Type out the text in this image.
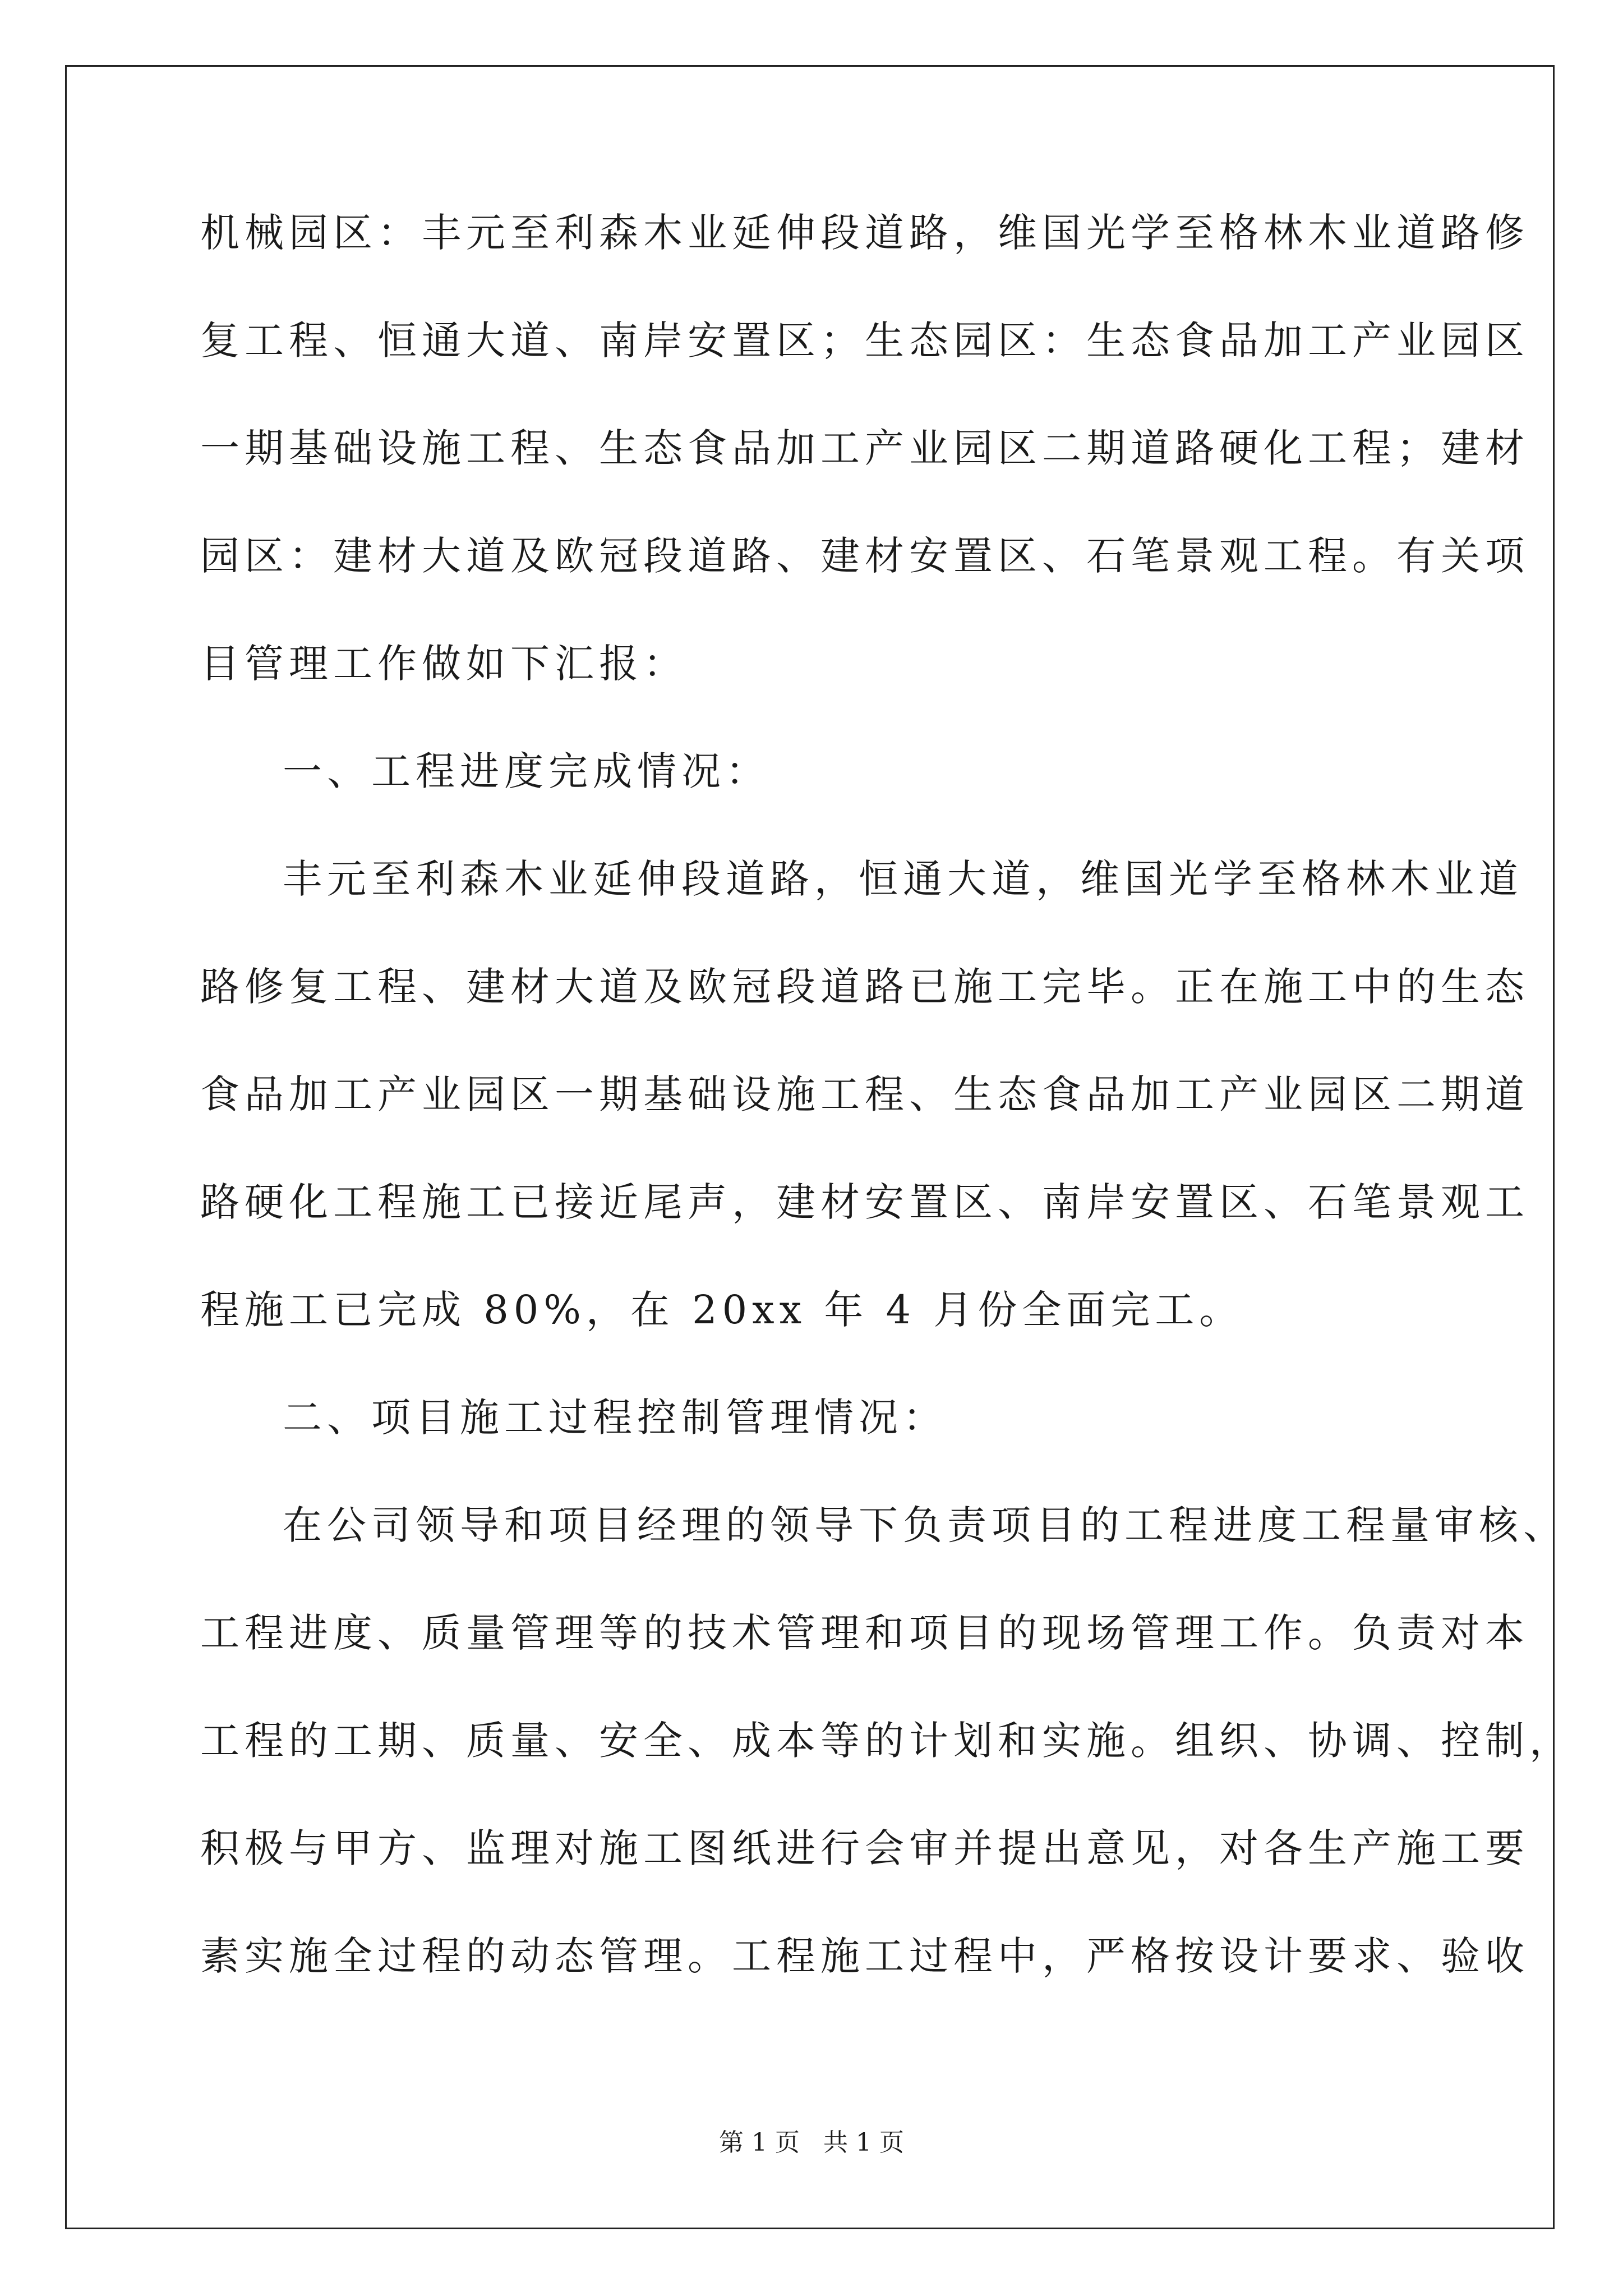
机械园区：丰元至利森木业延伸段道路，维国光学至格林木业道路修
复工程、恒通大道、南岸安置区；生态园区：生态食品加工产业园区
一期基础设施工程、生态食品加工产业园区二期道路硬化工程；建材
园区：建材大道及欧冠段道路、建材安置区、石笔景观工程。有关项
目管理工作做如下汇报：
一、工程进度完成情况：
丰元至利森木业延伸段道路，恒通大道，维国光学至格林木业道
路修复工程、建材大道及欧冠段道路已施工完毕。正在施工中的生态
食品加工产业园区一期基础设施工程、生态食品加工产业园区二期道
路硬化工程施工已接近尾声，建材安置区、南岸安置区、石笔景观工
程施工已完成 80%，在 20xx 年 4 月份全面完工。
二、项目施工过程控制管理情况：
在公司领导和项目经理的领导下负责项目的工程进度工程量审核、
工程进度、质量管理等的技术管理和项目的现场管理工作。负责对本
工程的工期、质量、安全、成本等的计划和实施。组织、协调、控制，
积极与甲方、监理对施工图纸进行会审并提出意见，对各生产施工要
素实施全过程的动态管理。工程施工过程中，严格按设计要求、验收
第 1 页 共 1 页
